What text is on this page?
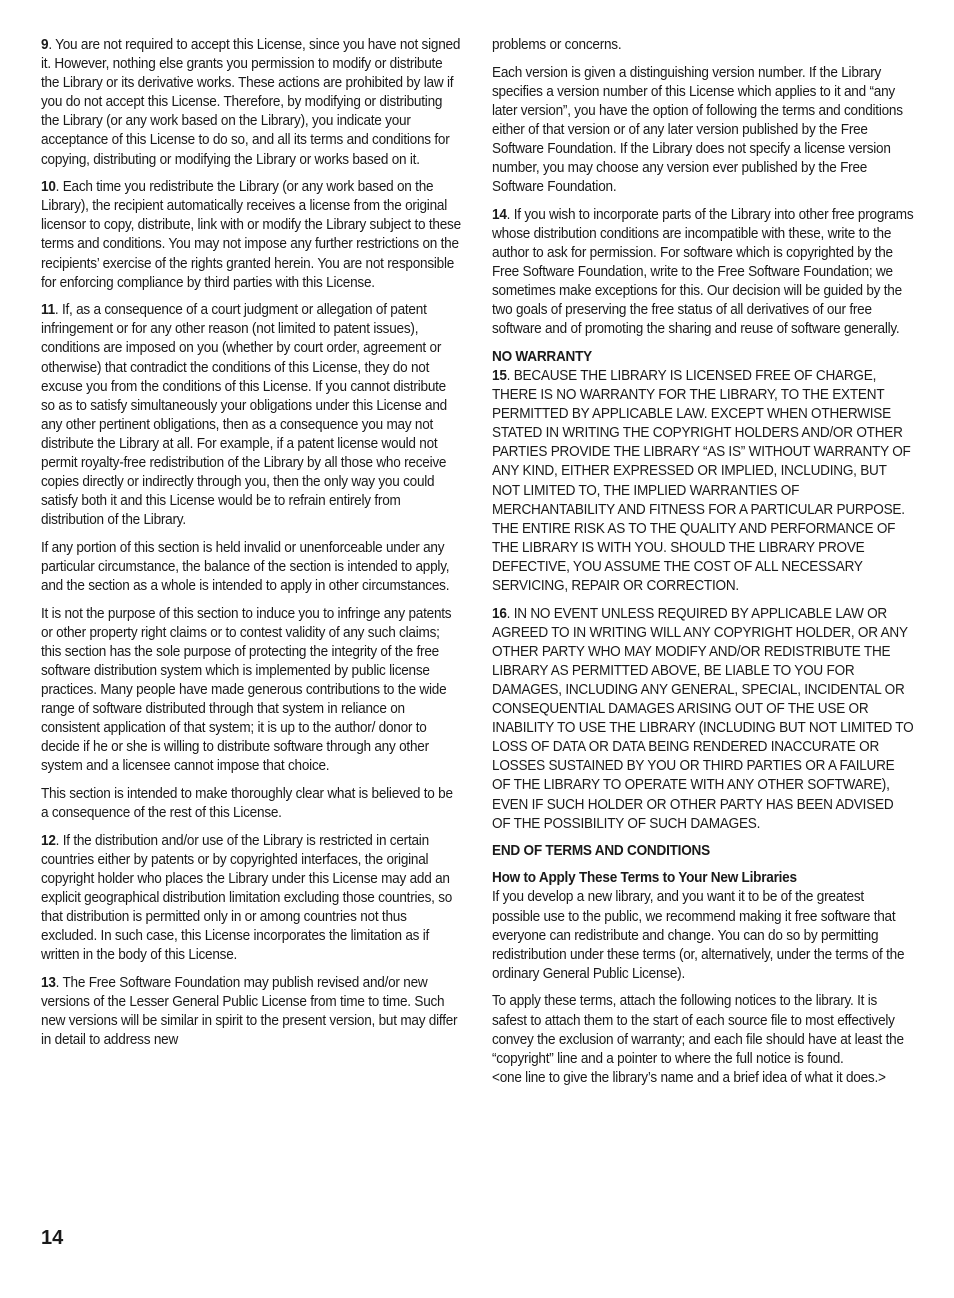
9. You are not required to accept this License, since you have not signed it. However, nothing else grants you permission to modify or distribute the Library or its derivative works. These actions are prohibited by law if you do not accept this License. Therefore, by modifying or distributing the Library (or any work based on the Library), you indicate your acceptance of this License to do so, and all its terms and conditions for copying, distributing or modifying the Library or works based on it.

10. Each time you redistribute the Library (or any work based on the Library), the recipient automatically receives a license from the original licensor to copy, distribute, link with or modify the Library subject to these terms and conditions. You may not impose any further restrictions on the recipients’ exercise of the rights granted herein. You are not responsible for enforcing compliance by third parties with this License.

11. If, as a consequence of a court judgment or allegation of patent infringement or for any other reason (not limited to patent issues), conditions are imposed on you (whether by court order, agreement or otherwise) that contradict the conditions of this License, they do not excuse you from the conditions of this License. If you cannot distribute so as to satisfy simultaneously your obligations under this License and any other pertinent obligations, then as a consequence you may not distribute the Library at all. For example, if a patent license would not permit royalty-free redistribution of the Library by all those who receive copies directly or indirectly through you, then the only way you could satisfy both it and this License would be to refrain entirely from distribution of the Library.

If any portion of this section is held invalid or unenforceable under any particular circumstance, the balance of the section is intended to apply, and the section as a whole is intended to apply in other circumstances.

It is not the purpose of this section to induce you to infringe any patents or other property right claims or to contest validity of any such claims; this section has the sole purpose of protecting the integrity of the free software distribution system which is implemented by public license practices. Many people have made generous contributions to the wide range of software distributed through that system in reliance on consistent application of that system; it is up to the author/ donor to decide if he or she is willing to distribute software through any other system and a licensee cannot impose that choice.

This section is intended to make thoroughly clear what is believed to be a consequence of the rest of this License.

12. If the distribution and/or use of the Library is restricted in certain countries either by patents or by copyrighted interfaces, the original copyright holder who places the Library under this License may add an explicit geographical distribution limitation excluding those countries, so that distribution is permitted only in or among countries not thus excluded. In such case, this License incorporates the limitation as if written in the body of this License.

13. The Free Software Foundation may publish revised and/or new versions of the Lesser General Public License from time to time. Such new versions will be similar in spirit to the present version, but may differ in detail to address new

problems or concerns.

Each version is given a distinguishing version number. If the Library specifies a version number of this License which applies to it and “any later version”, you have the option of following the terms and conditions either of that version or of any later version published by the Free Software Foundation. If the Library does not specify a license version number, you may choose any version ever published by the Free Software Foundation.

14. If you wish to incorporate parts of the Library into other free programs whose distribution conditions are incompatible with these, write to the author to ask for permission. For software which is copyrighted by the Free Software Foundation, write to the Free Software Foundation; we sometimes make exceptions for this. Our decision will be guided by the two goals of preserving the free status of all derivatives of our free software and of promoting the sharing and reuse of software generally.

NO WARRANTY

15. BECAUSE THE LIBRARY IS LICENSED FREE OF CHARGE, THERE IS NO WARRANTY FOR THE LIBRARY, TO THE EXTENT PERMITTED BY APPLICABLE LAW. EXCEPT WHEN OTHERWISE STATED IN WRITING THE COPYRIGHT HOLDERS AND/OR OTHER PARTIES PROVIDE THE LIBRARY “AS IS” WITHOUT WARRANTY OF ANY KIND, EITHER EXPRESSED OR IMPLIED, INCLUDING, BUT NOT LIMITED TO, THE IMPLIED WARRANTIES OF MERCHANTABILITY AND FITNESS FOR A PARTICULAR PURPOSE. THE ENTIRE RISK AS TO THE QUALITY AND PERFORMANCE OF THE LIBRARY IS WITH YOU. SHOULD THE LIBRARY PROVE DEFECTIVE, YOU ASSUME THE COST OF ALL NECESSARY SERVICING, REPAIR OR CORRECTION.

16. IN NO EVENT UNLESS REQUIRED BY APPLICABLE LAW OR AGREED TO IN WRITING WILL ANY COPYRIGHT HOLDER, OR ANY OTHER PARTY WHO MAY MODIFY AND/OR REDISTRIBUTE THE LIBRARY AS PERMITTED ABOVE, BE LIABLE TO YOU FOR DAMAGES, INCLUDING ANY GENERAL, SPECIAL, INCIDENTAL OR CONSEQUENTIAL DAMAGES ARISING OUT OF THE USE OR INABILITY TO USE THE LIBRARY (INCLUDING BUT NOT LIMITED TO LOSS OF DATA OR DATA BEING RENDERED INACCURATE OR LOSSES SUSTAINED BY YOU OR THIRD PARTIES OR A FAILURE OF THE LIBRARY TO OPERATE WITH ANY OTHER SOFTWARE), EVEN IF SUCH HOLDER OR OTHER PARTY HAS BEEN ADVISED OF THE POSSIBILITY OF SUCH DAMAGES.

END OF TERMS AND CONDITIONS
How to Apply These Terms to Your New Libraries

If you develop a new library, and you want it to be of the greatest possible use to the public, we recommend making it free software that everyone can redistribute and change. You can do so by permitting redistribution under these terms (or, alternatively, under the terms of the ordinary General Public License).

To apply these terms, attach the following notices to the library. It is safest to attach them to the start of each source file to most effectively convey the exclusion of warranty; and each file should have at least the “copyright” line and a pointer to where the full notice is found.

<one line to give the library’s name and a brief idea of what it does.>

14
